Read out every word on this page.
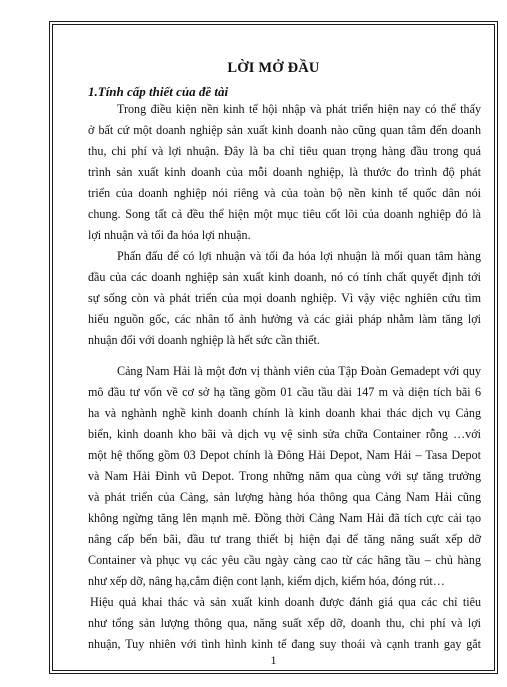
LỜI MỞ ĐẦU
1.Tính cấp thiết của đề tài
Trong điều kiện nền kinh tế hội nhập và phát triển hiện nay có thể thấy
ở bất cứ một doanh nghiệp sản xuất kinh doanh nào cũng quan tâm đến doanh
thu, chi phí và lợi nhuận. Đây là ba chỉ tiêu quan trọng hàng đầu trong quá
trình sản xuất kinh doanh của mỗi doanh nghiệp, là thước đo trình độ phát
triển của doanh nghiệp nói riêng và của toàn bộ nền kinh tế quốc dân nói
chung. Song tất cả đều thể hiện một mục tiêu cốt lõi của doanh nghiệp đó là
lợi nhuận và tối đa hóa lợi nhuận.
Phấn đấu để có lợi nhuận và tối đa hóa lợi nhuận là mối quan tâm hàng
đầu của các doanh nghiệp sản xuất kinh doanh, nó có tính chất quyết định tới
sự sống còn và phát triển của mọi doanh nghiệp. Vì vậy việc nghiên cứu tìm
hiểu nguồn gốc, các nhân tố ảnh hưởng và các giải pháp nhằm làm tăng lợi
nhuận đối với doanh nghiệp là hết sức cần thiết.
Cảng Nam Hải là một đơn vị thành viên của Tập Đoàn Gemadept với quy
mô đầu tư vốn về cơ sở hạ tầng gồm 01 cầu tầu dài 147 m và diện tích bãi 6
ha và nghành nghề kinh doanh chính là kinh doanh khai thác dịch vụ Cảng
biển, kinh doanh kho bãi và dịch vụ vệ sinh sửa chữa Container rỗng …với
một hệ thống gồm 03 Depot chính là Đông Hải Depot, Nam Hải – Tasa Depot
và Nam Hải Đình vũ Depot. Trong những năm qua cùng với sự tăng trưởng
và phát triển của Cảng, sản lượng hàng hóa thông qua Cảng Nam Hải cũng
không ngừng tăng lên mạnh mẽ. Đồng thời Cảng Nam Hải đã tích cực cải tạo
nâng cấp bến bãi, đầu tư trang thiết bị hiện đại để tăng năng suất xếp dỡ
Container và phục vụ các yêu cầu ngày càng cao từ các hãng tầu – chủ hàng
như xếp dỡ, nâng hạ,cắm điện cont lạnh, kiểm dịch, kiểm hóa, đóng rút…
Hiệu quả khai thác và sản xuất kinh doanh được đánh giá qua các chỉ tiêu
như tổng sản lượng thông qua, năng suất xếp dỡ, doanh thu, chi phí và lợi
nhuận, Tuy nhiên với tình hình kinh tế đang suy thoái và cạnh tranh gay gắt
1
